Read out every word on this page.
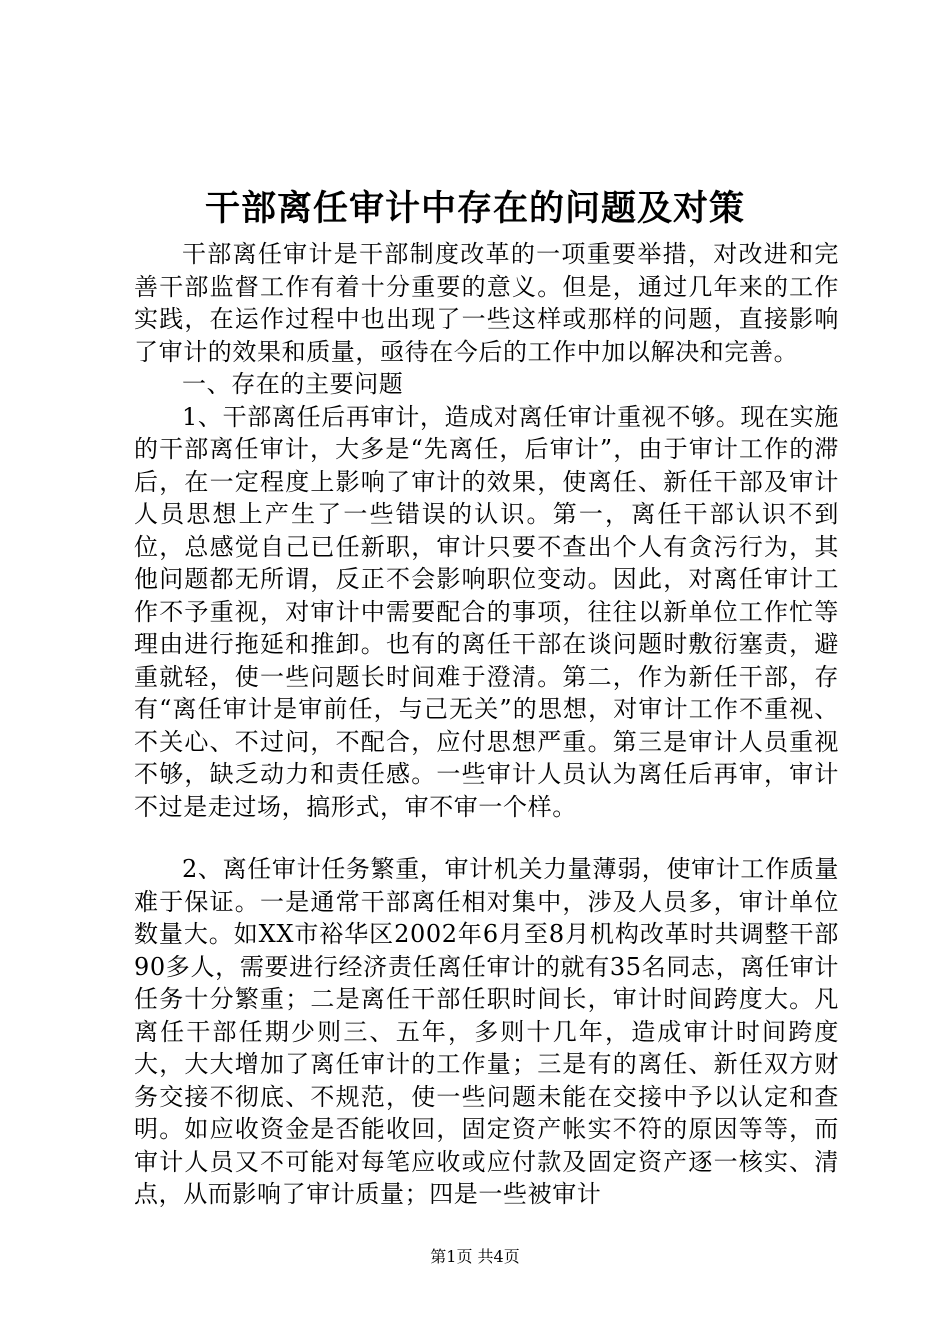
干部离任审计中存在的问题及对策

干部离任审计是干部制度改革的一项重要举措，对改进和完善干部监督工作有着十分重要的意义。但是，通过几年来的工作实践，在运作过程中也出现了一些这样或那样的问题，直接影响了审计的效果和质量，亟待在今后的工作中加以解决和完善。

一、存在的主要问题

1、干部离任后再审计，造成对离任审计重视不够。现在实施的干部离任审计，大多是“先离任，后审计”，由于审计工作的滞后，在一定程度上影响了审计的效果，使离任、新任干部及审计人员思想上产生了一些错误的认识。第一，离任干部认识不到位，总感觉自己已任新职，审计只要不查出个人有贪污行为，其他问题都无所谓，反正不会影响职位变动。因此，对离任审计工作不予重视，对审计中需要配合的事项，往往以新单位工作忙等理由进行拖延和推卸。也有的离任干部在谈问题时敷衍塞责，避重就轻，使一些问题长时间难于澄清。第二，作为新任干部，存有“离任审计是审前任，与己无关”的思想，对审计工作不重视、不关心、不过问，不配合，应付思想严重。第三是审计人员重视不够，缺乏动力和责任感。一些审计人员认为离任后再审，审计不过是走过场，搞形式，审不审一个样。

2、离任审计任务繁重，审计机关力量薄弱，使审计工作质量难于保证。一是通常干部离任相对集中，涉及人员多，审计单位数量大。如XX市裕华区2002年6月至8月机构改革时共调整干部90多人，需要进行经济责任离任审计的就有35名同志，离任审计任务十分繁重；二是离任干部任职时间长，审计时间跨度大。凡离任干部任期少则三、五年，多则十几年，造成审计时间跨度大，大大增加了离任审计的工作量；三是有的离任、新任双方财务交接不彻底、不规范，使一些问题未能在交接中予以认定和查明。如应收资金是否能收回，固定资产帐实不符的原因等等，而审计人员又不可能对每笔应收或应付款及固定资产逐一核实、清点，从而影响了审计质量；四是一些被审计

第1页 共4页
